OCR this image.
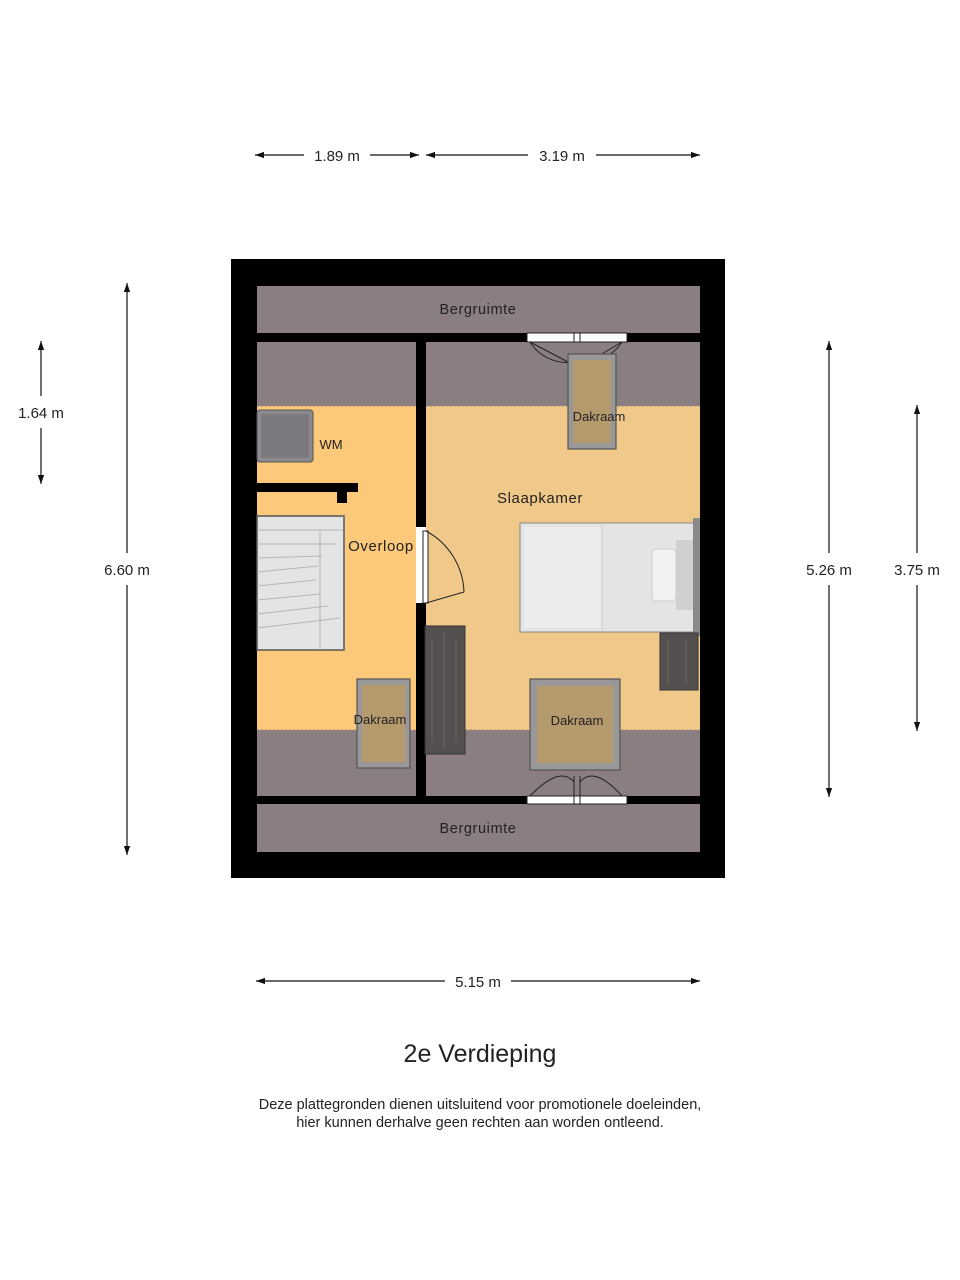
1.89 m	3.19 m
1.64 m
6.60 m	5.26 m	3.75 m
5.15 m
Bergruimte
Bergruimte
WM
Overloop
Dakraam
Dakraam	Dakraam
Slaapkamer
2e Verdieping
Deze plattegronden dienen uitsluitend voor promotionele doeleinden,
hier kunnen derhalve geen rechten aan worden ontleend.
